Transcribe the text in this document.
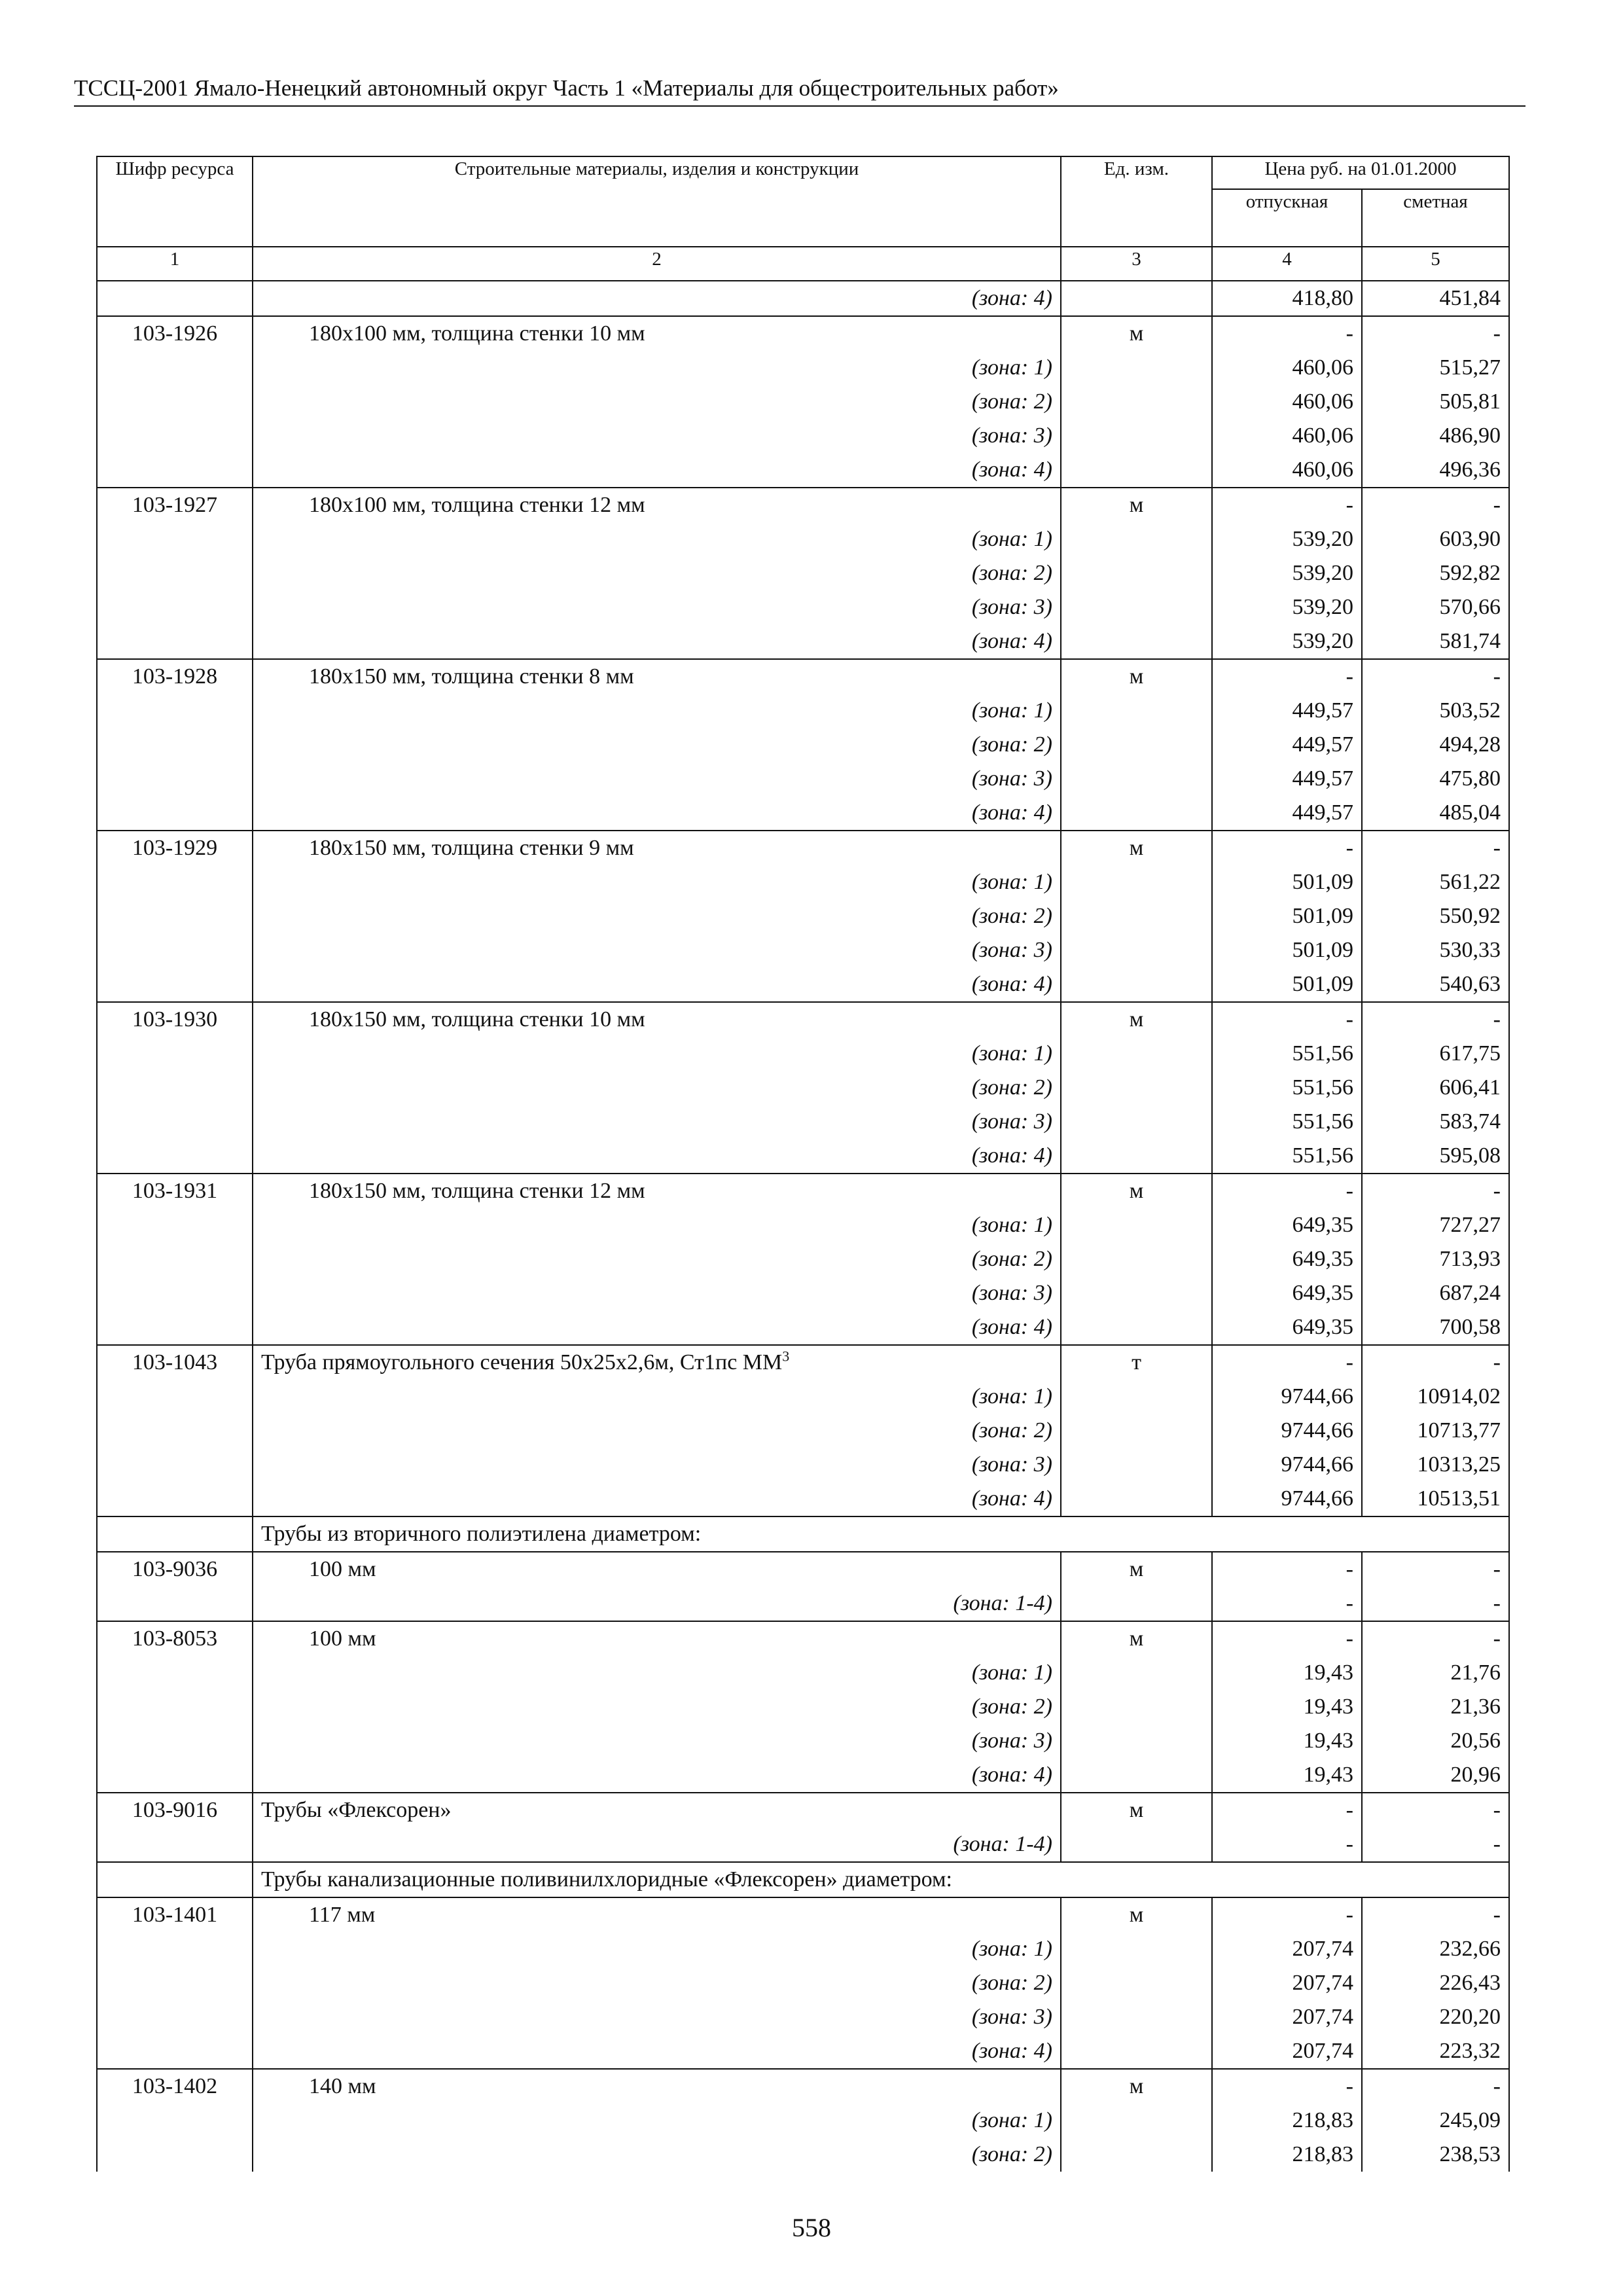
ТССЦ-2001 Ямало-Ненецкий автономный округ Часть 1 «Материалы для общестроительных работ»
Шифр ресурса	Строительные материалы, изделия и конструкции	Ед. изм.	Цена руб. на 01.01.2000	
			отпускная	сметная
1	2	3	4	5
	(зона: 4)		418,80	451,84
103-1926	180x100 мм, толщина стенки 10 мм	м	-	-
	(зона: 1)		460,06	515,27
	(зона: 2)		460,06	505,81
	(зона: 3)		460,06	486,90
	(зона: 4)		460,06	496,36
103-1927	180x100 мм, толщина стенки 12 мм	м	-	-
	(зона: 1)		539,20	603,90
	(зона: 2)		539,20	592,82
	(зона: 3)		539,20	570,66
	(зона: 4)		539,20	581,74
103-1928	180x150 мм, толщина стенки 8 мм	м	-	-
	(зона: 1)		449,57	503,52
	(зона: 2)		449,57	494,28
	(зона: 3)		449,57	475,80
	(зона: 4)		449,57	485,04
103-1929	180x150 мм, толщина стенки 9 мм	м	-	-
	(зона: 1)		501,09	561,22
	(зона: 2)		501,09	550,92
	(зона: 3)		501,09	530,33
	(зона: 4)		501,09	540,63
103-1930	180x150 мм, толщина стенки 10 мм	м	-	-
	(зона: 1)		551,56	617,75
	(зона: 2)		551,56	606,41
	(зона: 3)		551,56	583,74
	(зона: 4)		551,56	595,08
103-1931	180x150 мм, толщина стенки 12 мм	м	-	-
	(зона: 1)		649,35	727,27
	(зона: 2)		649,35	713,93
	(зона: 3)		649,35	687,24
	(зона: 4)		649,35	700,58
103-1043	Труба прямоугольного сечения 50x25x2,6м, Ст1пс $ММ^3$	т	-	-
	(зона: 1)		9744,66	10914,02
	(зона: 2)		9744,66	10713,77
	(зона: 3)		9744,66	10313,25
	(зона: 4)		9744,66	10513,51
	Трубы из вторичного полиэтилена диаметром:			
103-9036	100 мм	м	-	-
	(зона: 1-4)		-	-
103-8053	100 мм	м	-	-
	(зона: 1)		19,43	21,76
	(зона: 2)		19,43	21,36
	(зона: 3)		19,43	20,56
	(зона: 4)		19,43	20,96
103-9016	Трубы «Флексорен»	м	-	-
	(зона: 1-4)		-	-
	Трубы канализационные поливинилхлоридные «Флексорен» диаметром:			
103-1401	117 мм	м	-	-
	(зона: 1)		207,74	232,66
	(зона: 2)		207,74	226,43
	(зона: 3)		207,74	220,20
	(зона: 4)		207,74	223,32
103-1402	140 мм	м	-	-
	(зона: 1)		218,83	245,09
	(зона: 2)		218,83	238,53
558
